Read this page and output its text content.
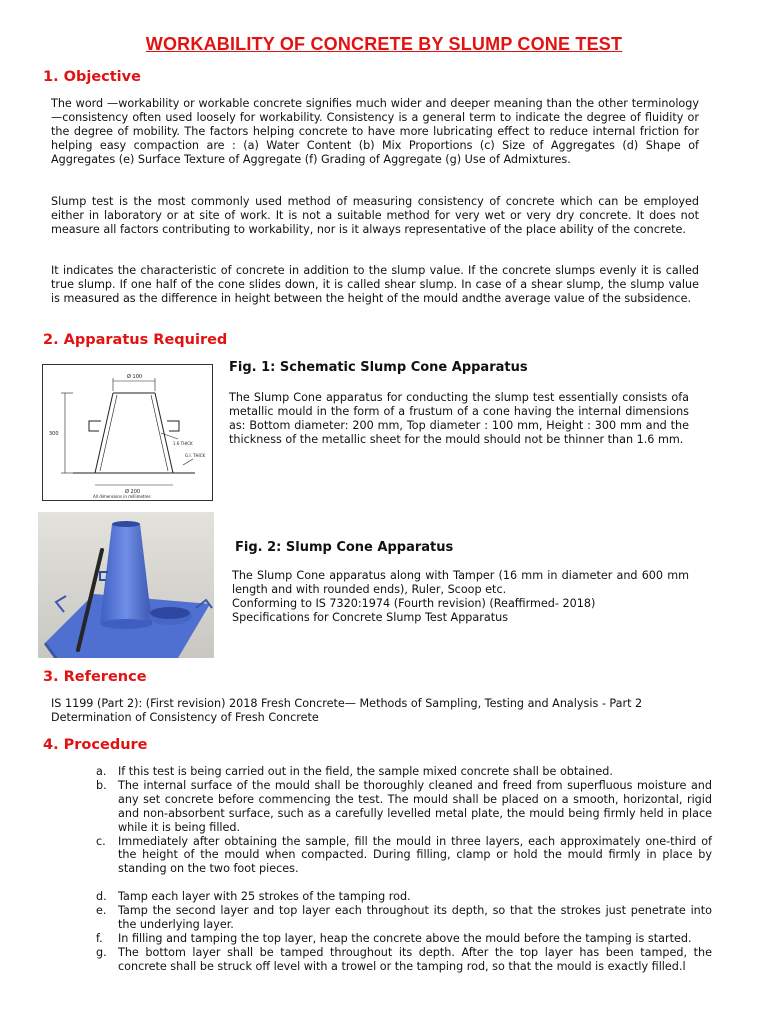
WORKABILITY OF CONCRETE BY SLUMP CONE TEST
1. Objective

The word —workability or workable concrete signifies much wider and deeper meaning than the other terminology —consistency often used loosely for workability. Consistency is a general term to indicate the degree of fluidity or the degree of mobility. The factors helping concrete to have more lubricating effect to reduce internal friction for helping easy compaction are : (a) Water Content (b) Mix Proportions (c) Size of Aggregates (d) Shape of Aggregates (e) Surface Texture of Aggregate (f) Grading of Aggregate (g) Use of Admixtures.

Slump test is the most commonly used method of measuring consistency of concrete which can be employed either in laboratory or at site of work. It is not a suitable method for very wet or very dry concrete. It does not measure all factors contributing to workability, nor is it always representative of the place ability of the concrete.

It indicates the characteristic of concrete in addition to the slump value. If the concrete slumps evenly it is called true slump. If one half of the cone slides down, it is called shear slump. In case of a shear slump, the slump value is measured as the difference in height between the height of the mould andthe average value of the subsidence.

2. Apparatus Required
Ø 100
Ø 200
300
1.6 THICK
G.I. THICK
All dimensions in millimetres
Fig. 1: Schematic Slump Cone Apparatus

The Slump Cone apparatus for conducting the slump test essentially consists ofa metallic mould in the form of a frustum of a cone having the internal dimensions as: Bottom diameter: 200 mm, Top diameter : 100 mm, Height : 300 mm and the thickness of the metallic sheet for the mould should not be thinner than 1.6 mm.

Fig. 2: Slump Cone Apparatus

The Slump Cone apparatus along with Tamper (16 mm in diameter and 600 mm length and with rounded ends), Ruler, Scoop etc.

Conforming to IS 7320:1974 (Fourth revision) (Reaffirmed- 2018)

Specifications for Concrete Slump Test Apparatus

3. Reference

IS 1199 (Part 2): (First revision) 2018 Fresh Concrete— Methods of Sampling, Testing and Analysis - Part 2 Determination of Consistency of Fresh Concrete

4. Procedure
a. If this test is being carried out in the field, the sample mixed concrete shall be obtained.
b. The internal surface of the mould shall be thoroughly cleaned and freed from superfluous moisture and any set concrete before commencing the test. The mould shall be placed on a smooth, horizontal, rigid and non-absorbent surface, such as a carefully levelled metal plate, the mould being firmly held in place while it is being filled.
c. Immediately after obtaining the sample, fill the mould in three layers, each approximately one-third of the height of the mould when compacted. During filling, clamp or hold the mould firmly in place by standing on the two foot pieces.
d. Tamp each layer with 25 strokes of the tamping rod.
e. Tamp the second layer and top layer each throughout its depth, so that the strokes just penetrate into the underlying layer.
f. In filling and tamping the top layer, heap the concrete above the mould before the tamping is started.
g. The bottom layer shall be tamped throughout its depth. After the top layer has been tamped, the concrete shall be struck off level with a trowel or the tamping rod, so that the mould is exactly filled.l
